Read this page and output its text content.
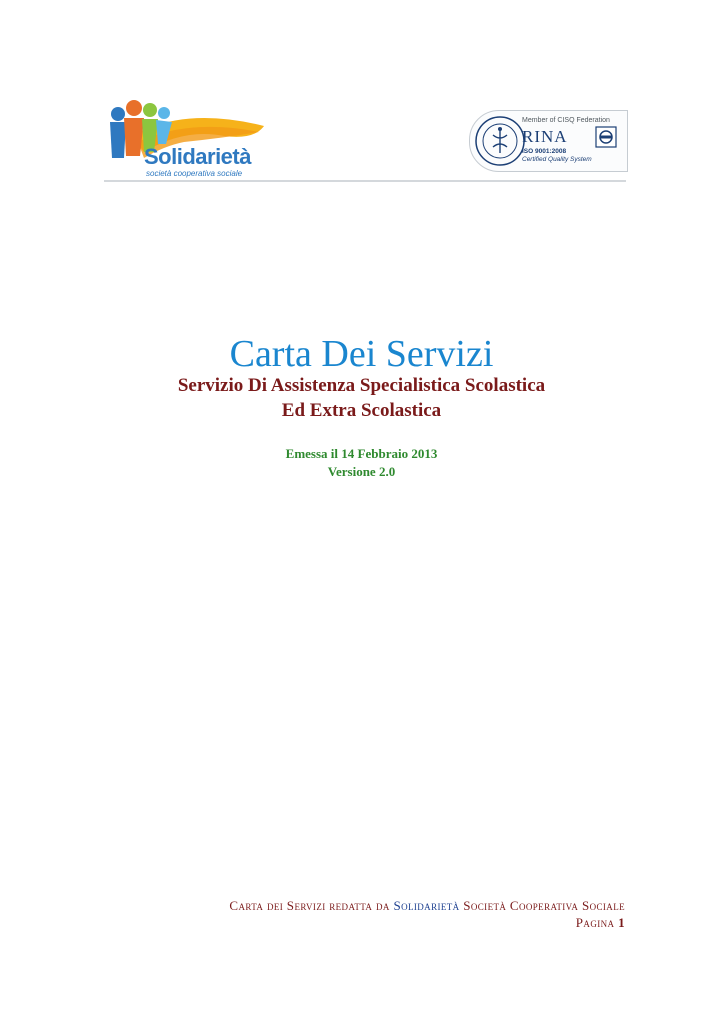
Solidarietà
società cooperativa sociale
Member of CISQ Federation
RINA
ISO 9001:2008
Certified Quality System
Carta Dei Servizi
Servizio Di Assistenza Specialistica Scolastica
Ed Extra Scolastica
Emessa il 14 Febbraio 2013
Versione 2.0
Carta dei Servizi redatta da Solidarietà Società Cooperativa Sociale
Pagina 1
